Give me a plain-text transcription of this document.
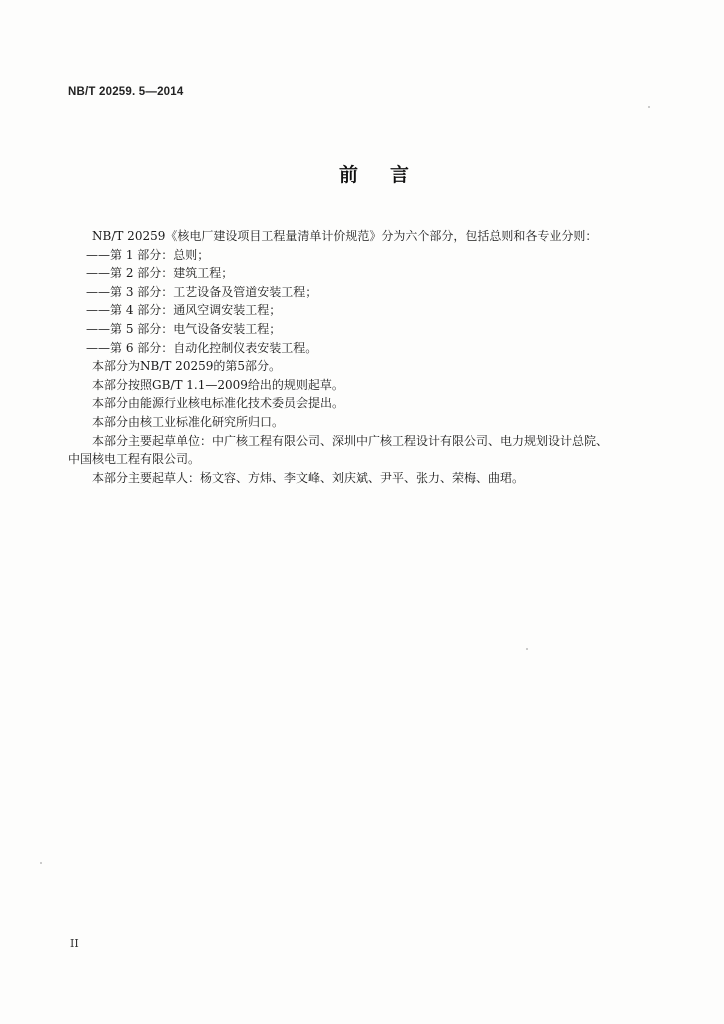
NB/T 20259. 5—2014
前言

NB/T 20259《核电厂建设项目工程量清单计价规范》分为六个部分，包括总则和各专业分则：

——第 1 部分：总则；

——第 2 部分：建筑工程；

——第 3 部分：工艺设备及管道安装工程；

——第 4 部分：通风空调安装工程；

——第 5 部分：电气设备安装工程；

——第 6 部分：自动化控制仪表安装工程。

本部分为NB/T 20259的第5部分。

本部分按照GB/T 1.1—2009给出的规则起草。

本部分由能源行业核电标准化技术委员会提出。

本部分由核工业标准化研究所归口。

本部分主要起草单位：中广核工程有限公司、深圳中广核工程设计有限公司、电力规划设计总院、

中国核电工程有限公司。

本部分主要起草人：杨文容、方炜、李文峰、刘庆斌、尹平、张力、荣梅、曲珺。

II
